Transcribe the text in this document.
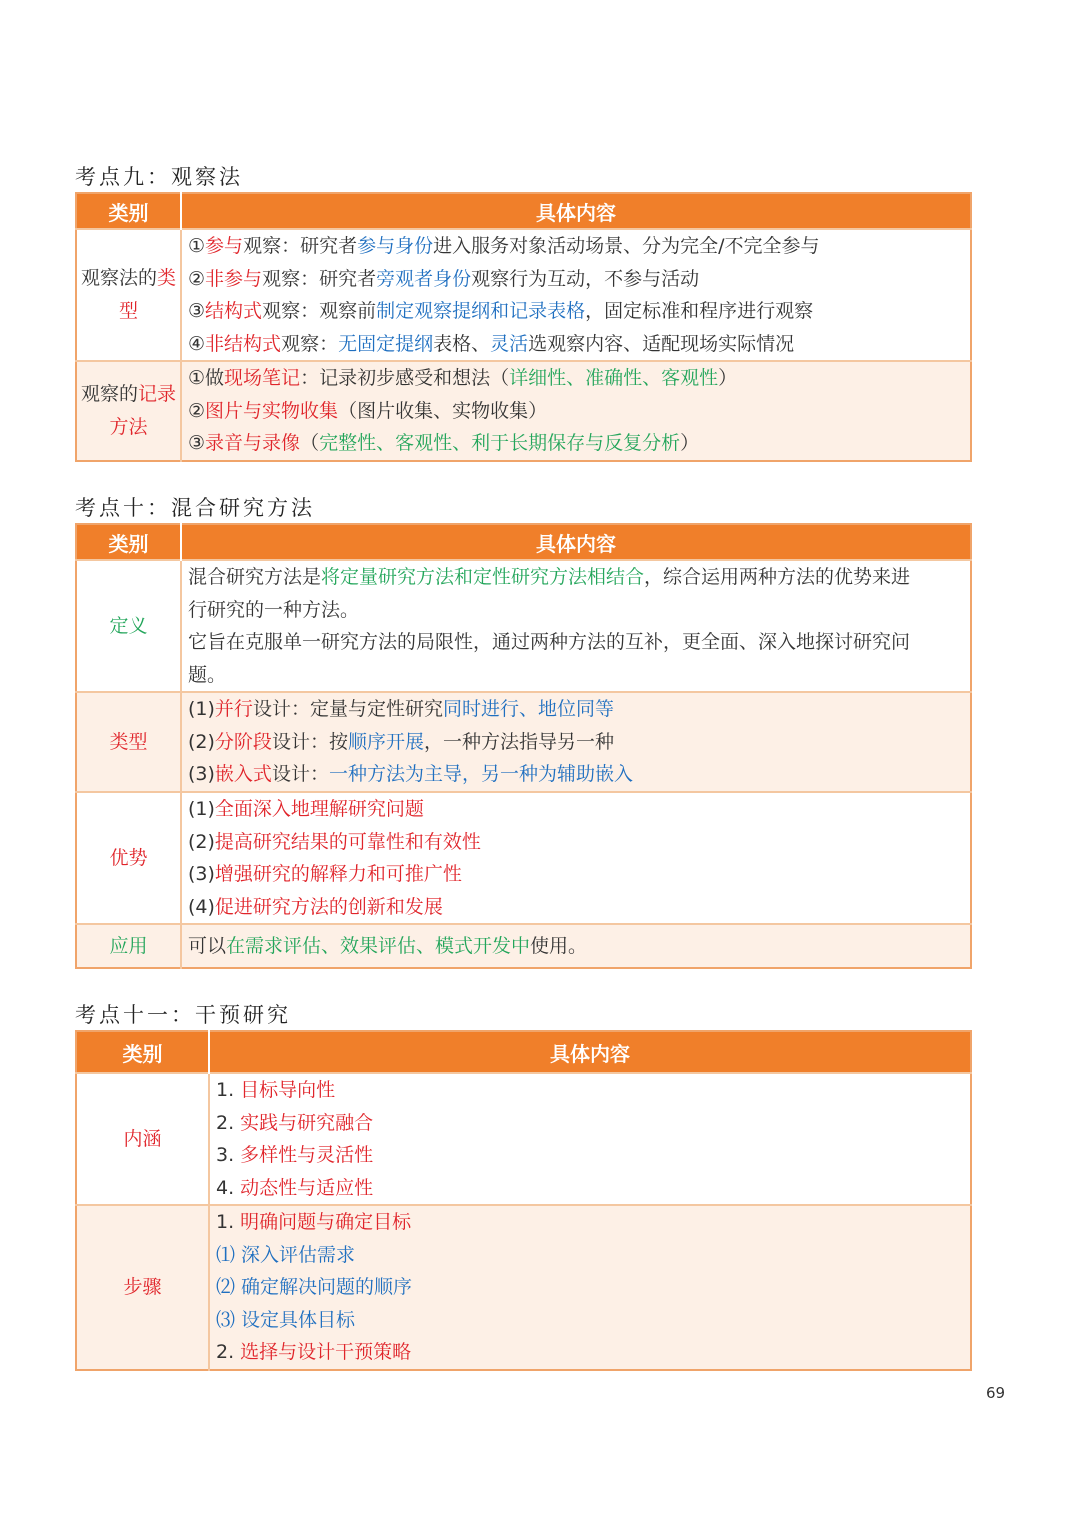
考点九：观察法
类别	具体内容
观察法的类型	①参与观察：研究者参与身份进入服务对象活动场景、分为完全/不完全参与
②非参与观察：研究者旁观者身份观察行为互动，不参与活动
③结构式观察：观察前制定观察提纲和记录表格，固定标准和程序进行观察
④非结构式观察：无固定提纲表格、灵活选观察内容、适配现场实际情况

观察的记录方法	①做现场笔记：记录初步感受和想法（详细性、准确性、客观性）
②图片与实物收集（图片收集、实物收集）
③录音与录像（完整性、客观性、利于长期保存与反复分析）
考点十：混合研究方法
类别	具体内容
定义	混合研究方法是将定量研究方法和定性研究方法相结合，综合运用两种方法的优势来进
行研究的一种方法。
它旨在克服单一研究方法的局限性，通过两种方法的互补，更全面、深入地探讨研究问
题。

类型	(1)并行设计：定量与定性研究同时进行、地位同等
(2)分阶段设计：按顺序开展，一种方法指导另一种
(3)嵌入式设计：一种方法为主导，另一种为辅助嵌入

优势	(1)全面深入地理解研究问题
(2)提高研究结果的可靠性和有效性
(3)增强研究的解释力和可推广性
(4)促进研究方法的创新和发展

应用	可以在需求评估、效果评估、模式开发中使用。
考点十一：干预研究
类别	具体内容
内涵	1. 目标导向性
2. 实践与研究融合
3. 多样性与灵活性
4. 动态性与适应性

步骤	1. 明确问题与确定目标
⑴ 深入评估需求
⑵ 确定解决问题的顺序
⑶ 设定具体目标
2. 选择与设计干预策略
69
